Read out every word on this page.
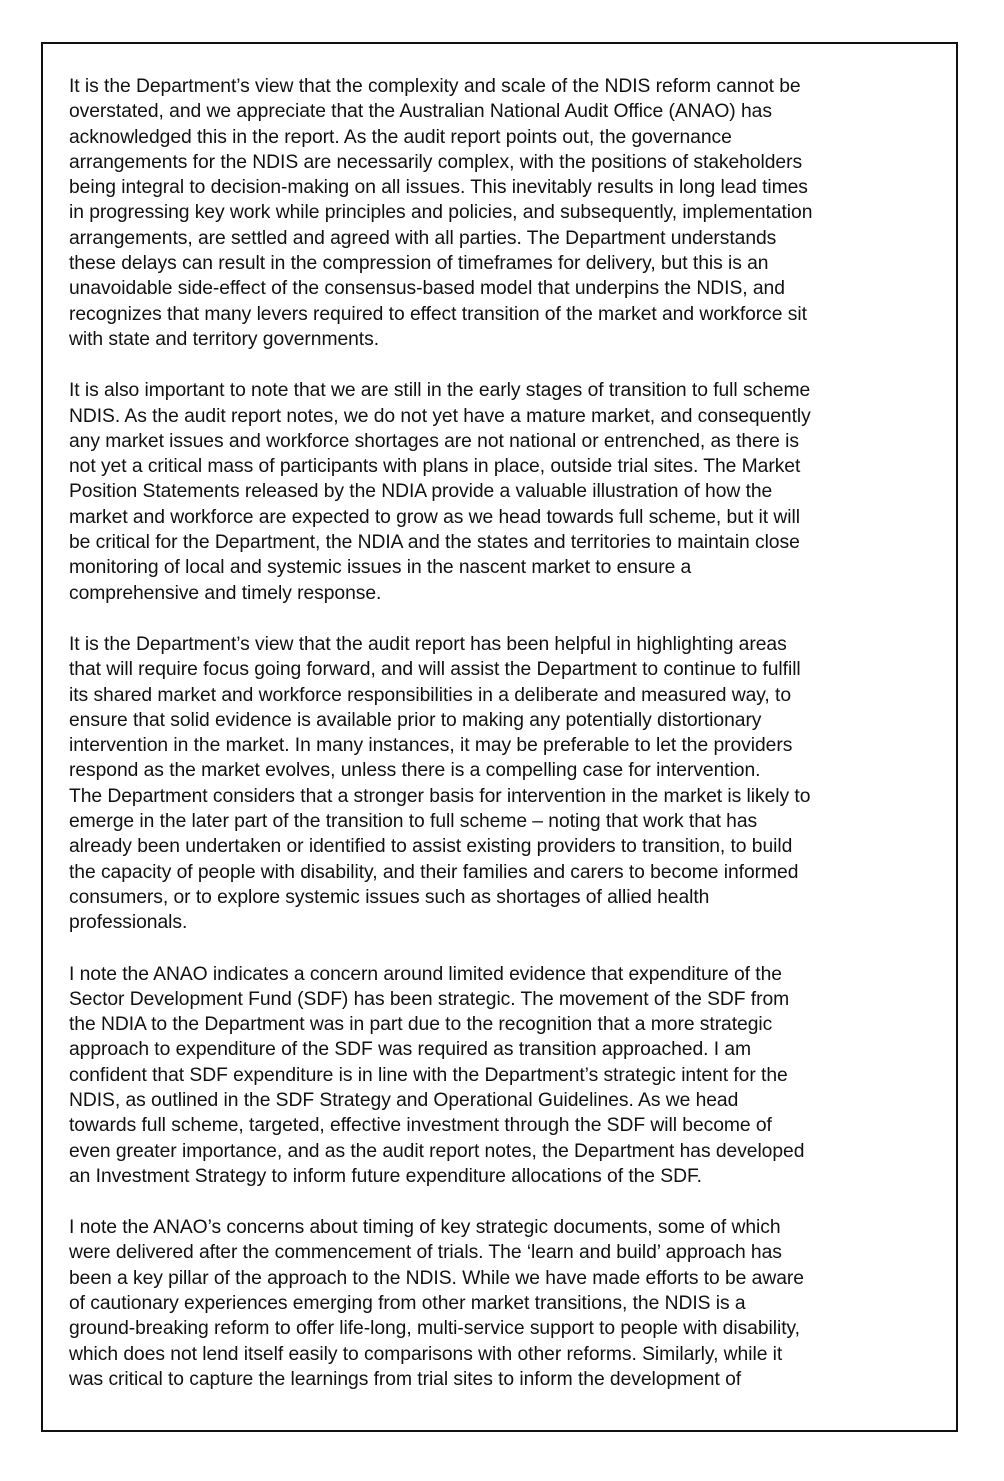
It is the Department’s view that the complexity and scale of the NDIS reform cannot be
overstated, and we appreciate that the Australian National Audit Office (ANAO) has
acknowledged this in the report. As the audit report points out, the governance
arrangements for the NDIS are necessarily complex, with the positions of stakeholders
being integral to decision-making on all issues. This inevitably results in long lead times
in progressing key work while principles and policies, and subsequently, implementation
arrangements, are settled and agreed with all parties. The Department understands
these delays can result in the compression of timeframes for delivery, but this is an
unavoidable side-effect of the consensus-based model that underpins the NDIS, and
recognizes that many levers required to effect transition of the market and workforce sit
with state and territory governments.

It is also important to note that we are still in the early stages of transition to full scheme
NDIS. As the audit report notes, we do not yet have a mature market, and consequently
any market issues and workforce shortages are not national or entrenched, as there is
not yet a critical mass of participants with plans in place, outside trial sites. The Market
Position Statements released by the NDIA provide a valuable illustration of how the
market and workforce are expected to grow as we head towards full scheme, but it will
be critical for the Department, the NDIA and the states and territories to maintain close
monitoring of local and systemic issues in the nascent market to ensure a
comprehensive and timely response.

It is the Department’s view that the audit report has been helpful in highlighting areas
that will require focus going forward, and will assist the Department to continue to fulfill
its shared market and workforce responsibilities in a deliberate and measured way, to
ensure that solid evidence is available prior to making any potentially distortionary
intervention in the market. In many instances, it may be preferable to let the providers
respond as the market evolves, unless there is a compelling case for intervention.
The Department considers that a stronger basis for intervention in the market is likely to
emerge in the later part of the transition to full scheme – noting that work that has
already been undertaken or identified to assist existing providers to transition, to build
the capacity of people with disability, and their families and carers to become informed
consumers, or to explore systemic issues such as shortages of allied health
professionals.

I note the ANAO indicates a concern around limited evidence that expenditure of the
Sector Development Fund (SDF) has been strategic. The movement of the SDF from
the NDIA to the Department was in part due to the recognition that a more strategic
approach to expenditure of the SDF was required as transition approached. I am
confident that SDF expenditure is in line with the Department’s strategic intent for the
NDIS, as outlined in the SDF Strategy and Operational Guidelines. As we head
towards full scheme, targeted, effective investment through the SDF will become of
even greater importance, and as the audit report notes, the Department has developed
an Investment Strategy to inform future expenditure allocations of the SDF.

I note the ANAO’s concerns about timing of key strategic documents, some of which
were delivered after the commencement of trials. The ‘learn and build’ approach has
been a key pillar of the approach to the NDIS. While we have made efforts to be aware
of cautionary experiences emerging from other market transitions, the NDIS is a
ground-breaking reform to offer life-long, multi-service support to people with disability,
which does not lend itself easily to comparisons with other reforms. Similarly, while it
was critical to capture the learnings from trial sites to inform the development of
